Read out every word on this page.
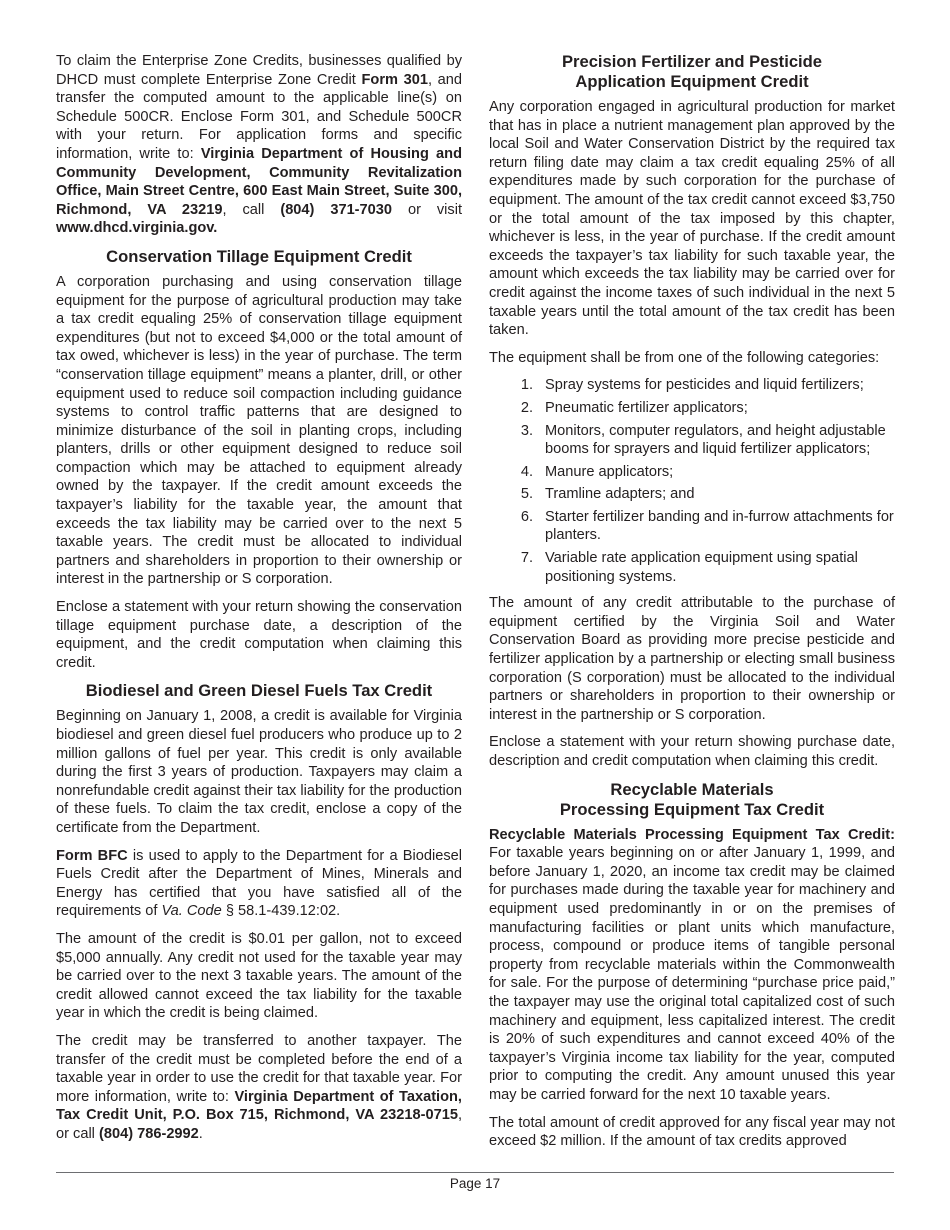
To claim the Enterprise Zone Credits, businesses qualified by DHCD must complete Enterprise Zone Credit Form 301, and transfer the computed amount to the applicable line(s) on Schedule 500CR. Enclose Form 301, and Schedule 500CR with your return. For application forms and specific information, write to: Virginia Department of Housing and Community Development, Community Revitalization Office, Main Street Centre, 600 East Main Street, Suite 300, Richmond, VA 23219, call (804) 371-7030 or visit www.dhcd.virginia.gov.

Conservation Tillage Equipment Credit

A corporation purchasing and using conservation tillage equipment for the purpose of agricultural production may take a tax credit equaling 25% of conservation tillage equipment expenditures (but not to exceed $4,000 or the total amount of tax owed, whichever is less) in the year of purchase. The term “conservation tillage equipment” means a planter, drill, or other equipment used to reduce soil compaction including guidance systems to control traffic patterns that are designed to minimize disturbance of the soil in planting crops, including planters, drills or other equipment designed to reduce soil compaction which may be attached to equipment already owned by the taxpayer. If the credit amount exceeds the taxpayer’s liability for the taxable year, the amount that exceeds the tax liability may be carried over to the next 5 taxable years. The credit must be allocated to individual partners and shareholders in proportion to their ownership or interest in the partnership or S corporation.

Enclose a statement with your return showing the conservation tillage equipment purchase date, a description of the equipment, and the credit computation when claiming this credit.

Biodiesel and Green Diesel Fuels Tax Credit

Beginning on January 1, 2008, a credit is available for Virginia biodiesel and green diesel fuel producers who produce up to 2 million gallons of fuel per year. This credit is only available during the first 3 years of production. Taxpayers may claim a nonrefundable credit against their tax liability for the production of these fuels. To claim the tax credit, enclose a copy of the certificate from the Department.

Form BFC is used to apply to the Department for a Biodiesel Fuels Credit after the Department of Mines, Minerals and Energy has certified that you have satisfied all of the requirements of Va. Code § 58.1-439.12:02.

The amount of the credit is $0.01 per gallon, not to exceed $5,000 annually. Any credit not used for the taxable year may be carried over to the next 3 taxable years. The amount of the credit allowed cannot exceed the tax liability for the taxable year in which the credit is being claimed.

The credit may be transferred to another taxpayer. The transfer of the credit must be completed before the end of a taxable year in order to use the credit for that taxable year. For more information, write to: Virginia Department of Taxation, Tax Credit Unit, P.O. Box 715, Richmond, VA 23218-0715, or call (804) 786-2992.

Precision Fertilizer and Pesticide
Application Equipment Credit

Any corporation engaged in agricultural production for market that has in place a nutrient management plan approved by the local Soil and Water Conservation District by the required tax return filing date may claim a tax credit equaling 25% of all expenditures made by such corporation for the purchase of equipment. The amount of the tax credit cannot exceed $3,750 or the total amount of the tax imposed by this chapter, whichever is less, in the year of purchase. If the credit amount exceeds the taxpayer’s tax liability for such taxable year, the amount which exceeds the tax liability may be carried over for credit against the income taxes of such individual in the next 5 taxable years until the total amount of the tax credit has been taken.

The equipment shall be from one of the following categories:

1. Spray systems for pesticides and liquid fertilizers;
2. Pneumatic fertilizer applicators;
3. Monitors, computer regulators, and height adjustable booms for sprayers and liquid fertilizer applicators;
4. Manure applicators;
5. Tramline adapters; and
6. Starter fertilizer banding and in-furrow attachments for planters.
7. Variable rate application equipment using spatial positioning systems.

The amount of any credit attributable to the purchase of equipment certified by the Virginia Soil and Water Conservation Board as providing more precise pesticide and fertilizer application by a partnership or electing small business corporation (S corporation) must be allocated to the individual partners or shareholders in proportion to their ownership or interest in the partnership or S corporation.

Enclose a statement with your return showing purchase date, description and credit computation when claiming this credit.

Recyclable Materials
Processing Equipment Tax Credit

Recyclable Materials Processing Equipment Tax Credit: For taxable years beginning on or after January 1, 1999, and before January 1, 2020, an income tax credit may be claimed for purchases made during the taxable year for machinery and equipment used predominantly in or on the premises of manufacturing facilities or plant units which manufacture, process, compound or produce items of tangible personal property from recyclable materials within the Commonwealth for sale. For the purpose of determining “purchase price paid,” the taxpayer may use the original total capitalized cost of such machinery and equipment, less capitalized interest. The credit is 20% of such expenditures and cannot exceed 40% of the taxpayer’s Virginia income tax liability for the year, computed prior to computing the credit. Any amount unused this year may be carried forward for the next 10 taxable years.

The total amount of credit approved for any fiscal year may not exceed $2 million. If the amount of tax credits approved

Page 17
